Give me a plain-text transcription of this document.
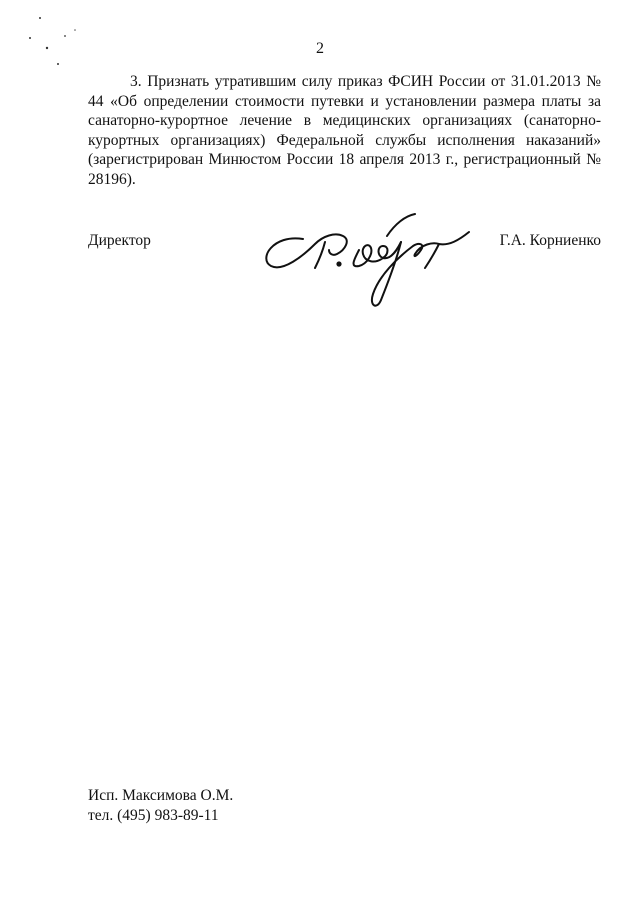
2
3. Признать утратившим силу приказ ФСИН России от 31.01.2013 № 44 «Об определении стоимости путевки и установлении размера платы за санаторно-курортное лечение в медицинских организациях (санаторно-курортных организациях) Федеральной службы исполнения наказаний» (зарегистрирован Минюстом России 18 апреля 2013 г., регистрационный № 28196).
Директор	Г.А. Корниенко
Исп. Максимова О.М.
тел. (495) 983-89-11
